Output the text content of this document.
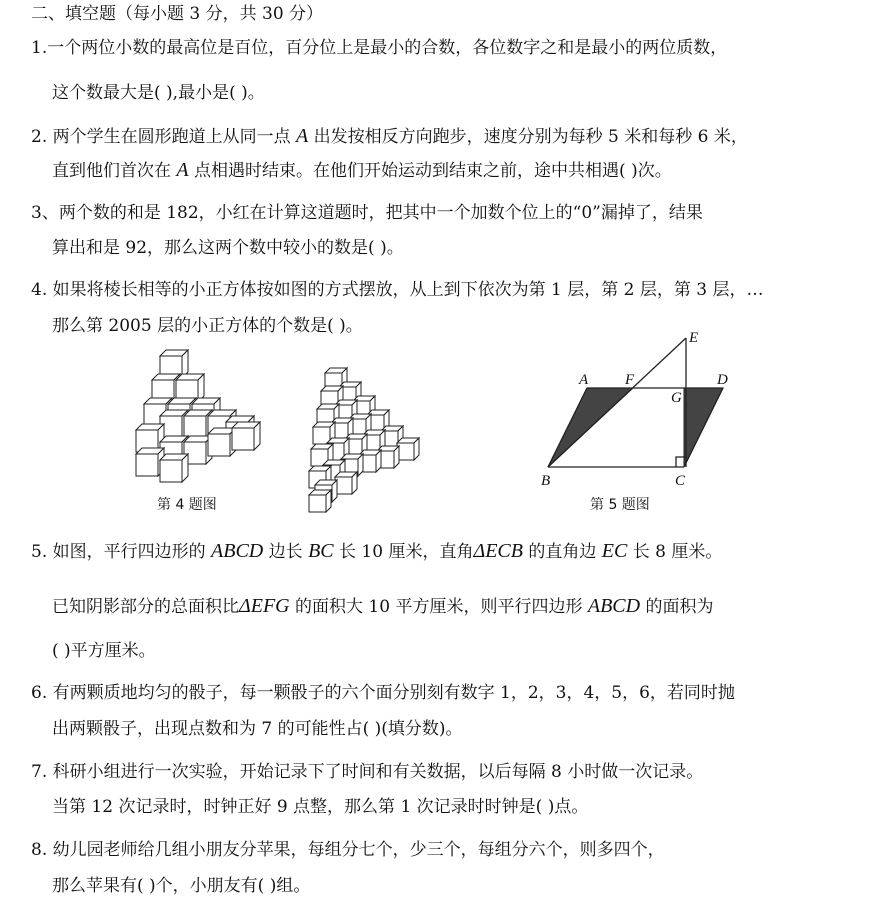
二、填空题（每小题 3 分，共 30 分）
1.一个两位小数的最高位是百位，百分位上是最小的合数，各位数字之和是最小的两位质数，
这个数最大是( ),最小是( )。
2. 两个学生在圆形跑道上从同一点 A 出发按相反方向跑步，速度分别为每秒 5 米和每秒 6 米，
直到他们首次在 A 点相遇时结束。在他们开始运动到结束之前，途中共相遇( )次。
3、两个数的和是 182，小红在计算这道题时，把其中一个加数个位上的“0”漏掉了，结果
算出和是 92，那么这两个数中较小的数是( )。
4. 如果将棱长相等的小正方体按如图的方式摆放，从上到下依次为第 1 层，第 2 层，第 3 层，…
那么第 2005 层的小正方体的个数是( )。
第 4 题图
E
A F	D
G
B	C
第 5 题图
5. 如图，平行四边形的 ABCD 边长 BC 长 10 厘米，直角ΔECB 的直角边 EC 长 8 厘米。
已知阴影部分的总面积比ΔEFG 的面积大 10 平方厘米，则平行四边形 ABCD 的面积为
( )平方厘米。
6. 有两颗质地均匀的骰子，每一颗骰子的六个面分别刻有数字 1，2，3，4，5，6，若同时抛
出两颗骰子，出现点数和为 7 的可能性占( )(填分数)。
7. 科研小组进行一次实验，开始记录下了时间和有关数据，以后每隔 8 小时做一次记录。
当第 12 次记录时，时钟正好 9 点整，那么第 1 次记录时时钟是( )点。
8. 幼儿园老师给几组小朋友分苹果，每组分七个，少三个，每组分六个，则多四个，
那么苹果有( )个，小朋友有( )组。
